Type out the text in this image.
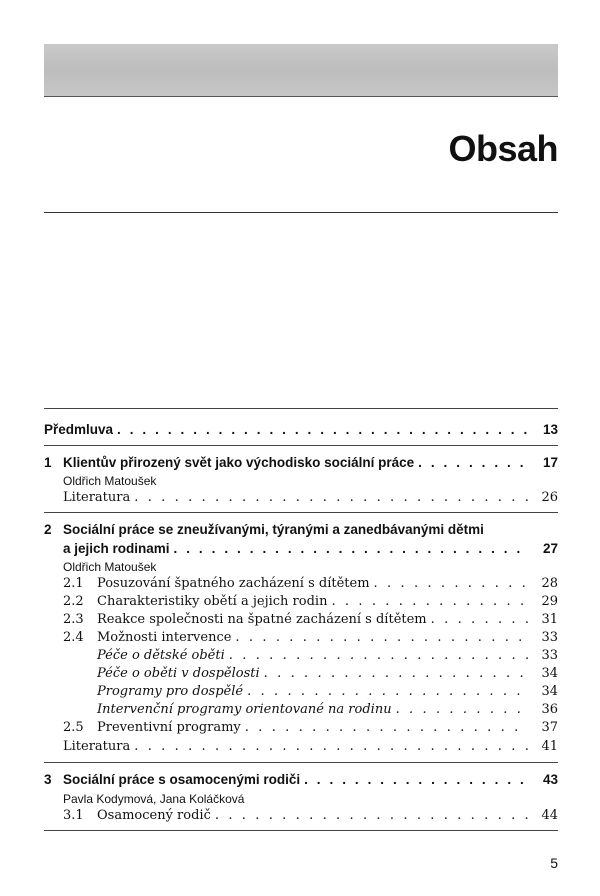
Obsah
Předmluva . . .	13
1 Klientův přirozený svět jako východisko sociální práce . . .	17
Oldřich Matoušek
Literatura . . .	26
2 Sociální práce se zneužívanými, týranými a zanedbávanými dětmi
a jejich rodinami . . .	27
Oldřich Matoušek
2.1 Posuzování špatného zacházení s dítětem . . .	28
2.2 Charakteristiky obětí a jejich rodin . . .	29
2.3 Reakce společnosti na špatné zacházení s dítětem . . .	31
2.4 Možnosti intervence . . .	33
Péče o dětské oběti . . .	33
Péče o oběti v dospělosti . . .	34
Programy pro dospělé . . .	34
Intervenční programy orientované na rodinu . . .	36
2.5 Preventivní programy . . .	37
Literatura . . .	41
3 Sociální práce s osamocenými rodiči . . .	43
Pavla Kodymová, Jana Koláčková
3.1 Osamocený rodič . . .	44
5
